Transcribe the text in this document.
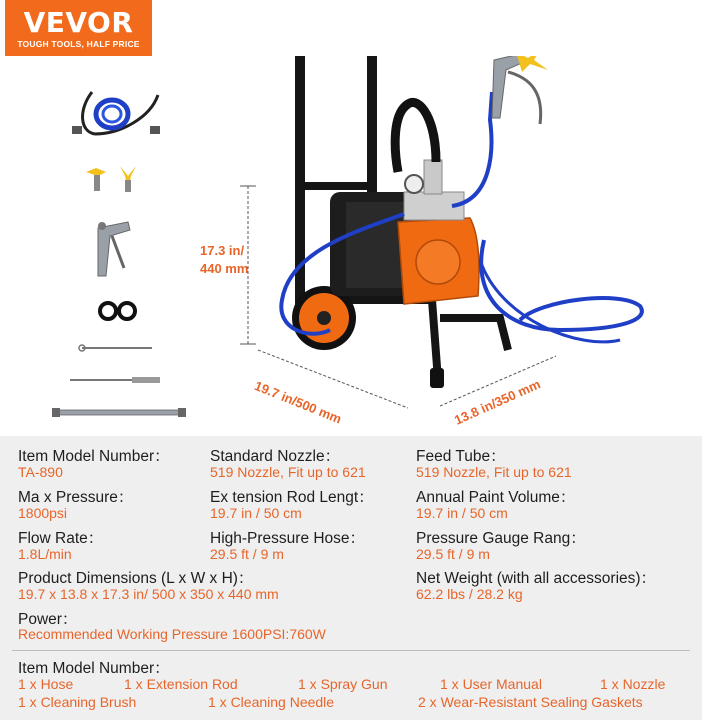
VEVOR
TOUGH TOOLS, HALF PRICE
17.3 in/
440 mm
19.7 in/500 mm	13.8 in/350 mm
Item Model Number：
TA-890
Ma x Pressure：
1800psi
Flow Rate：
1.8L/min
Standard Nozzle：
519 Nozzle, Fit up to 621
Ex tension Rod Lengt：
19.7 in / 50 cm
High-Pressure Hose：
29.5 ft / 9 m
Feed Tube：
519 Nozzle, Fit up to 621
Annual Paint Volume：
19.7 in / 50 cm
Pressure Gauge Rang：
29.5 ft / 9 m
Product Dimensions (L x W x H)：
19.7 x 13.8 x 17.3 in/ 500 x 350 x 440 mm
Net Weight (with all accessories)：
62.2 lbs / 28.2 kg
Power：
Recommended Working Pressure 1600PSI:760W
Item Model Number：
1 x Hose	1 x Extension Rod	1 x Spray Gun	1 x User Manual	1 x Nozzle
1 x Cleaning Brush	1 x Cleaning Needle	2 x Wear-Resistant Sealing Gaskets
